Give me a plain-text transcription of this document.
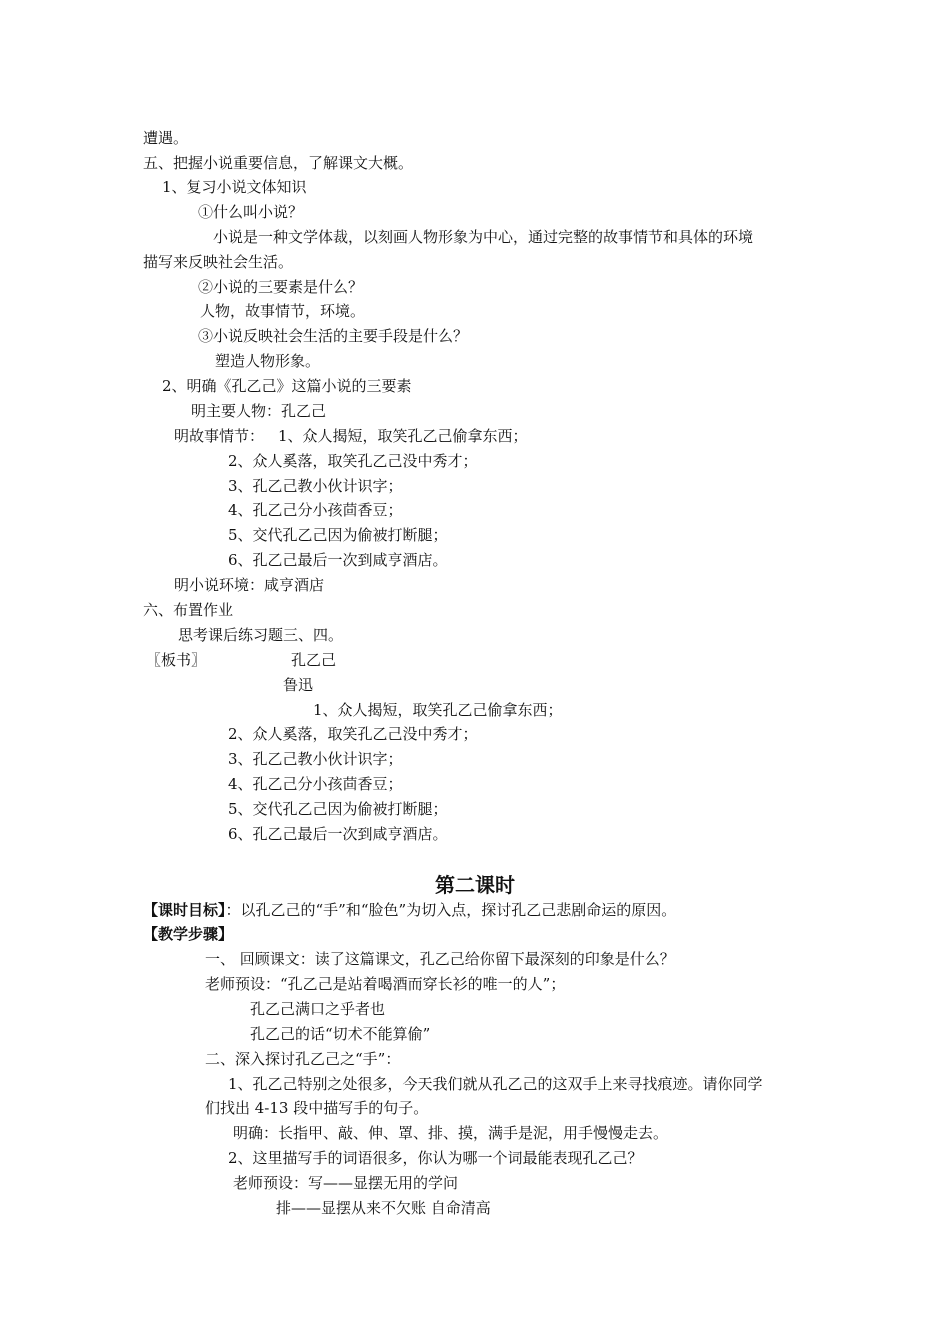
遭遇。
五、把握小说重要信息，了解课文大概。
1、复习小说文体知识
①什么叫小说？
小说是一种文学体裁，以刻画人物形象为中心，通过完整的故事情节和具体的环境
描写来反映社会生活。
②小说的三要素是什么？
人物，故事情节，环境。
③小说反映社会生活的主要手段是什么？
塑造人物形象。
2、明确《孔乙己》这篇小说的三要素
明主要人物：孔乙己
明故事情节： 1、众人揭短，取笑孔乙己偷拿东西；
2、众人奚落，取笑孔乙己没中秀才；
3、孔乙己教小伙计识字；
4、孔乙己分小孩茴香豆；
5、交代孔乙己因为偷被打断腿；
6、孔乙己最后一次到咸亨酒店。
明小说环境：咸亨酒店
六、布置作业
思考课后练习题三、四。
〖板书〗	孔乙己
鲁迅
1、众人揭短，取笑孔乙己偷拿东西；
2、众人奚落，取笑孔乙己没中秀才；
3、孔乙己教小伙计识字；
4、孔乙己分小孩茴香豆；
5、交代孔乙己因为偷被打断腿；
6、孔乙己最后一次到咸亨酒店。
第二课时
【课时目标】：以孔乙己的“手”和“脸色”为切入点，探讨孔乙己悲剧命运的原因。
【教学步骤】
一、 回顾课文：读了这篇课文，孔乙己给你留下最深刻的印象是什么？
老师预设：“孔乙己是站着喝酒而穿长衫的唯一的人”；
孔乙己满口之乎者也
孔乙己的话“切术不能算偷”
二、深入探讨孔乙己之“手”：
1、孔乙己特别之处很多，今天我们就从孔乙己的这双手上来寻找痕迹。请你同学
们找出 4-13 段中描写手的句子。
明确：长指甲、敲、伸、罩、排、摸，满手是泥，用手慢慢走去。
2、这里描写手的词语很多，你认为哪一个词最能表现孔乙己？
老师预设：写——显摆无用的学问
排——显摆从来不欠账 自命清高
